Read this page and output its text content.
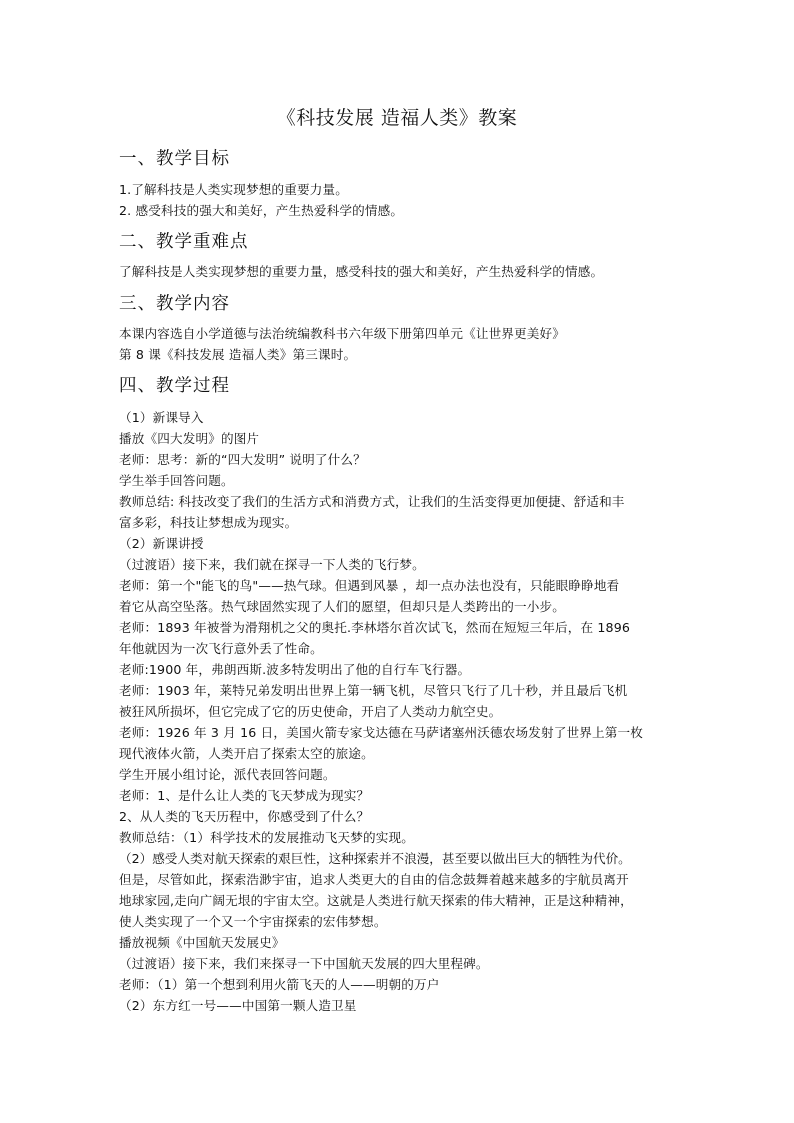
《科技发展 造福人类》教案
一、教学目标
1.了解科技是人类实现梦想的重要力量。
2. 感受科技的强大和美好，产生热爱科学的情感。
二、教学重难点
了解科技是人类实现梦想的重要力量，感受科技的强大和美好，产生热爱科学的情感。
三、教学内容
本课内容选自小学道德与法治统编教科书六年级下册第四单元《让世界更美好》
第 8 课《科技发展 造福人类》第三课时。
四、教学过程
（1）新课导入
播放《四大发明》的图片
老师：思考：新的“四大发明” 说明了什么？
学生举手回答问题。
教师总结: 科技改变了我们的生活方式和消费方式，让我们的生活变得更加便捷、舒适和丰
富多彩，科技让梦想成为现实。
（2）新课讲授
（过渡语）接下来，我们就在探寻一下人类的飞行梦。
老师：第一个"能飞的鸟"——热气球。但遇到风暴 ，却一点办法也没有，只能眼睁睁地看
着它从高空坠落。热气球固然实现了人们的愿望，但却只是人类跨出的一小步。
老师：1893 年被誉为滑翔机之父的奥托.李林塔尔首次试飞，然而在短短三年后，在 1896
年他就因为一次飞行意外丢了性命。
老师:1900 年，弗朗西斯.波多特发明出了他的自行车飞行器。
老师：1903 年，莱特兄弟发明出世界上第一辆飞机，尽管只飞行了几十秒，并且最后飞机
被狂风所损坏，但它完成了它的历史使命，开启了人类动力航空史。
老师：1926 年 3 月 16 日，美国火箭专家戈达德在马萨诸塞州沃德农场发射了世界上第一枚
现代液体火箭，人类开启了探索太空的旅途。
学生开展小组讨论，派代表回答问题。
老师：1、是什么让人类的飞天梦成为现实？
2、从人类的飞天历程中，你感受到了什么？
教师总结：（1）科学技术的发展推动飞天梦的实现。
（2）感受人类对航天探索的艰巨性，这种探索并不浪漫，甚至要以做出巨大的牺牲为代价。
但是，尽管如此，探索浩渺宇宙，追求人类更大的自由的信念鼓舞着越来越多的宇航员离开
地球家园,走向广阔无垠的宇宙太空。这就是人类进行航天探索的伟大精神，正是这种精神，
使人类实现了一个又一个宇宙探索的宏伟梦想。
播放视频《中国航天发展史》
（过渡语）接下来，我们来探寻一下中国航天发展的四大里程碑。
老师：（1）第一个想到利用火箭飞天的人——明朝的万户
（2）东方红一号——中国第一颗人造卫星
